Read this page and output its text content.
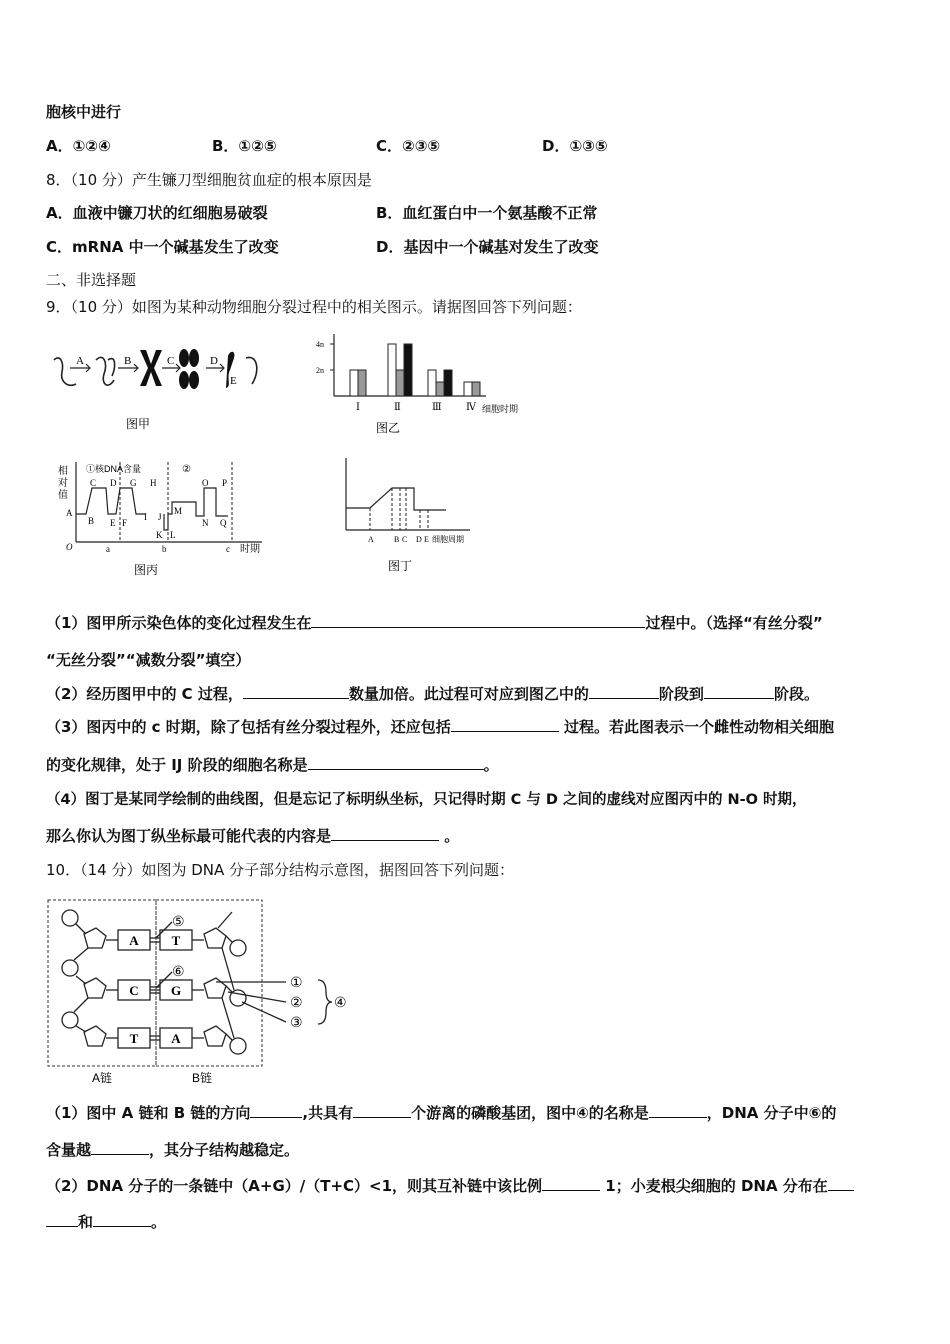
胞核中进行
A．①②④	B．①②⑤	C．②③⑤	D．①③⑤
8．（10 分）产生镰刀型细胞贫血症的根本原因是
A．血液中镰刀状的红细胞易破裂	B．血红蛋白中一个氨基酸不正常
C．mRNA 中一个碱基发生了改变	D．基因中一个碱基对发生了改变
二、非选择题
9．（10 分）如图为某种动物细胞分裂过程中的相关图示。请据图回答下列问题：
A	B	C	D
E
图甲
4n
2n
Ⅰ	Ⅱ	Ⅲ Ⅳ 细胞时期
图乙
相
对
值
①核DNA含量	②
A
B
C D
E F
G H
I J
K L
M
N
O P
Q
O	a	b	c 时期
图丙
A	B C D E 细胞周期
图丁
（1）图甲所示染色体的变化过程发生在	过程中。（选择“有丝分裂”
“无丝分裂”“减数分裂”填空）
（2）经历图甲中的 C 过程，	数量加倍。此过程可对应到图乙中的	阶段到	阶段。
（3）图丙中的 c 时期，除了包括有丝分裂过程外，还应包括	过程。若此图表示一个雌性动物相关细胞
的变化规律，处于 IJ 阶段的细胞名称是	。
（4）图丁是某同学绘制的曲线图，但是忘记了标明纵坐标，只记得时期 C 与 D 之间的虚线对应图丙中的 N-O 时期，
那么你认为图丁纵坐标最可能代表的内容是	。
10．（14 分）如图为 DNA 分子部分结构示意图，据图回答下列问题：
A
C
T
T
G
A
⑤
⑥
①
②
③
④
A链	B链
（1）图中 A 链和 B 链的方向	,共具有	个游离的磷酸基团，图中④的名称是	，DNA 分子中⑥的
含量越	，其分子结构越稳定。
（2）DNA 分子的一条链中（A+G）/（T+C）<1，则其互补链中该比例	1；小麦根尖细胞的 DNA 分布在
和	。
